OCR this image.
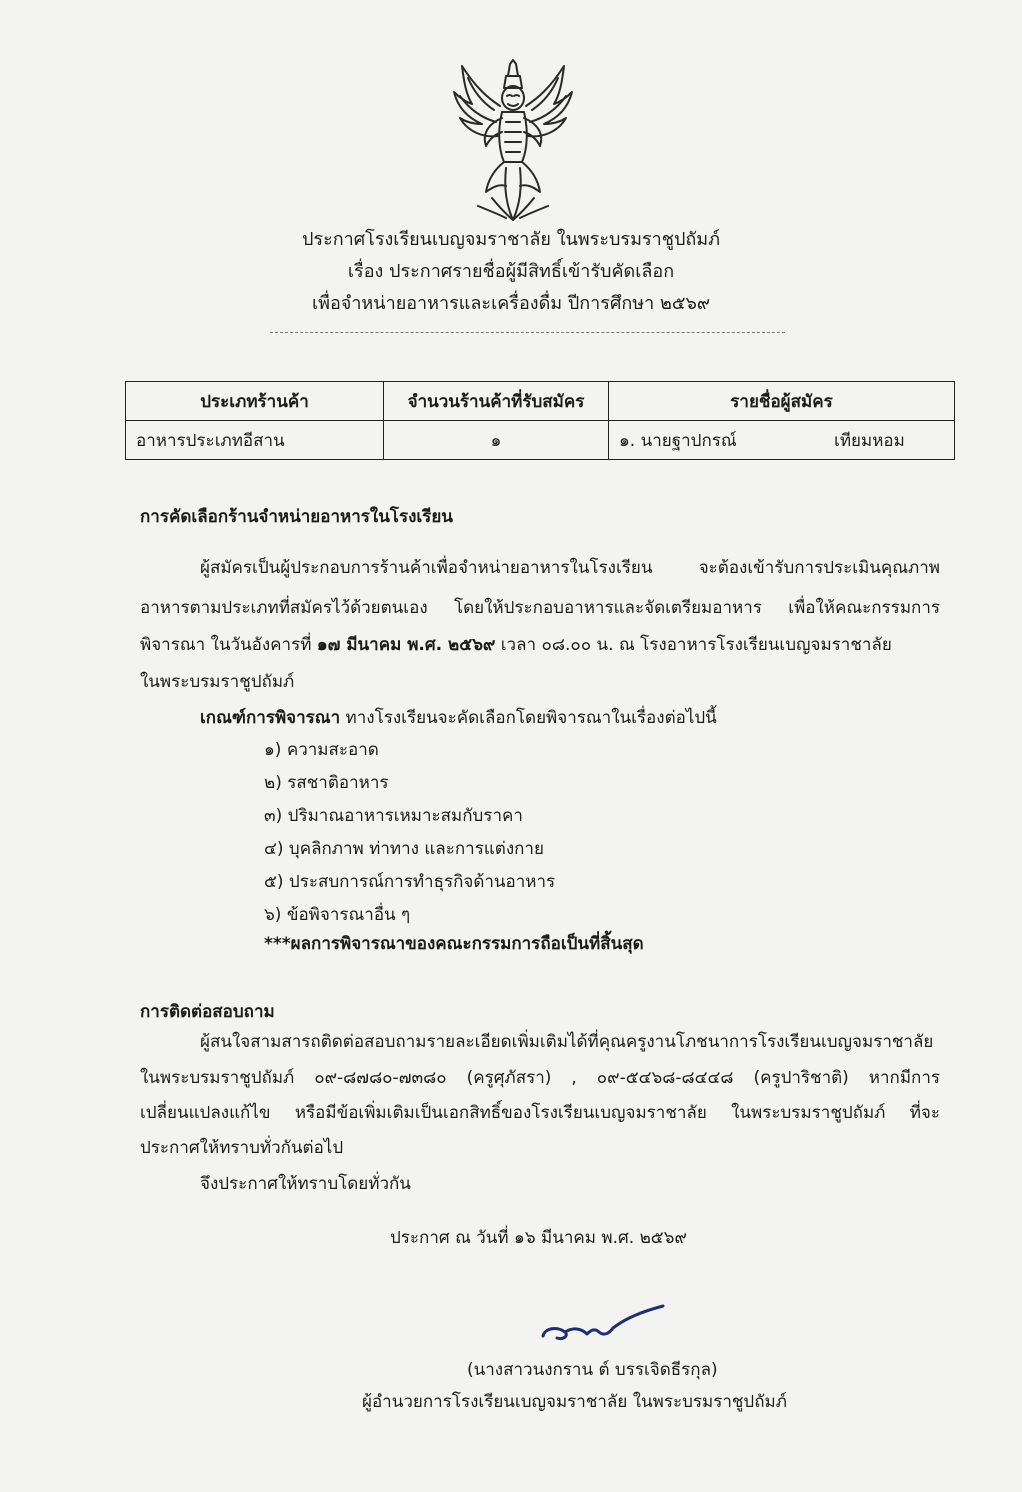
ประกาศโรงเรียนเบญจมราชาลัย ในพระบรมราชูปถัมภ์
เรื่อง ประกาศรายชื่อผู้มีสิทธิ์เข้ารับคัดเลือก
เพื่อจำหน่ายอาหารและเครื่องดื่ม ปีการศึกษา ๒๕๖๙
ประเภทร้านค้า	จำนวนร้านค้าที่รับสมัคร	รายชื่อผู้สมัคร
อาหารประเภทอีสาน	๑	๑. นายฐาปกรณ์ เทียมหอม
การคัดเลือกร้านจำหน่ายอาหารในโรงเรียน
ผู้สมัครเป็นผู้ประกอบการร้านค้าเพื่อจำหน่ายอาหารในโรงเรียน จะต้องเข้ารับการประเมินคุณภาพ
อาหารตามประเภทที่สมัครไว้ด้วยตนเอง โดยให้ประกอบอาหารและจัดเตรียมอาหาร เพื่อให้คณะกรรมการ
พิจารณา ในวันอังคารที่ ๑๗ มีนาคม พ.ศ. ๒๕๖๙ เวลา ๐๘.๐๐ น. ณ โรงอาหารโรงเรียนเบญจมราชาลัย
ในพระบรมราชูปถัมภ์
เกณฑ์การพิจารณา ทางโรงเรียนจะคัดเลือกโดยพิจารณาในเรื่องต่อไปนี้
๑) ความสะอาด
๒) รสชาติอาหาร
๓) ปริมาณอาหารเหมาะสมกับราคา
๔) บุคลิกภาพ ท่าทาง และการแต่งกาย
๕) ประสบการณ์การทำธุรกิจด้านอาหาร
๖) ข้อพิจารณาอื่น ๆ
***ผลการพิจารณาของคณะกรรมการถือเป็นที่สิ้นสุด
การติดต่อสอบถาม
ผู้สนใจสามสารถติดต่อสอบถามรายละเอียดเพิ่มเติมได้ที่คุณครูงานโภชนาการโรงเรียนเบญจมราชาลัย
ในพระบรมราชูปถัมภ์ ๐๙-๘๗๘๐-๗๓๘๐ (ครูศุภัสรา) , ๐๙-๕๔๖๘-๘๔๔๘ (ครูปาริชาติ) หากมีการ
เปลี่ยนแปลงแก้ไข หรือมีข้อเพิ่มเติมเป็นเอกสิทธิ์ของโรงเรียนเบญจมราชาลัย ในพระบรมราชูปถัมภ์ ที่จะ
ประกาศให้ทราบทั่วกันต่อไป
จึงประกาศให้ทราบโดยทั่วกัน
ประกาศ ณ วันที่ ๑๖ มีนาคม พ.ศ. ๒๕๖๙
(นางสาวนงกราน ต์ บรรเจิดธีรกุล)
ผู้อำนวยการโรงเรียนเบญจมราชาลัย ในพระบรมราชูปถัมภ์
